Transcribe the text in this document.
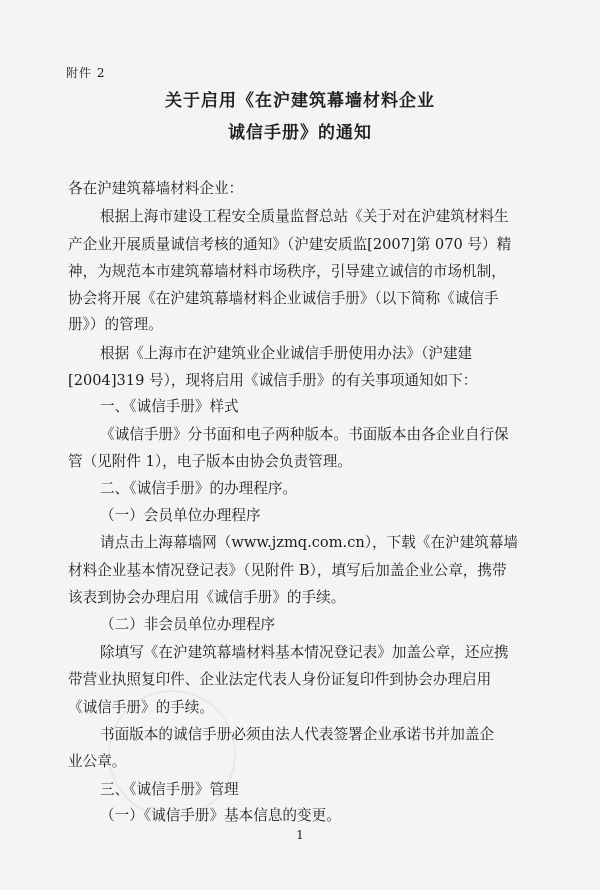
附件 2
关于启用《在沪建筑幕墙材料企业
诚信手册》的通知
各在沪建筑幕墙材料企业：
根据上海市建设工程安全质量监督总站《关于对在沪建筑材料生
产企业开展质量诚信考核的通知》（沪建安质监[2007]第 070 号）精
神，为规范本市建筑幕墙材料市场秩序，引导建立诚信的市场机制，
协会将开展《在沪建筑幕墙材料企业诚信手册》（以下简称《诚信手
册》）的管理。
根据《上海市在沪建筑业企业诚信手册使用办法》（沪建建
[2004]319 号），现将启用《诚信手册》的有关事项通知如下：
一、《诚信手册》样式
《诚信手册》分书面和电子两种版本。书面版本由各企业自行保
管（见附件 1），电子版本由协会负责管理。
二、《诚信手册》的办理程序。
（一）会员单位办理程序
请点击上海幕墙网（www.jzmq.com.cn），下载《在沪建筑幕墙
材料企业基本情况登记表》（见附件 B），填写后加盖企业公章，携带
该表到协会办理启用《诚信手册》的手续。
（二）非会员单位办理程序
除填写《在沪建筑幕墙材料基本情况登记表》加盖公章，还应携
带营业执照复印件、企业法定代表人身份证复印件到协会办理启用
《诚信手册》的手续。
书面版本的诚信手册必须由法人代表签署企业承诺书并加盖企
业公章。
三、《诚信手册》管理
（一）《诚信手册》基本信息的变更。
1
